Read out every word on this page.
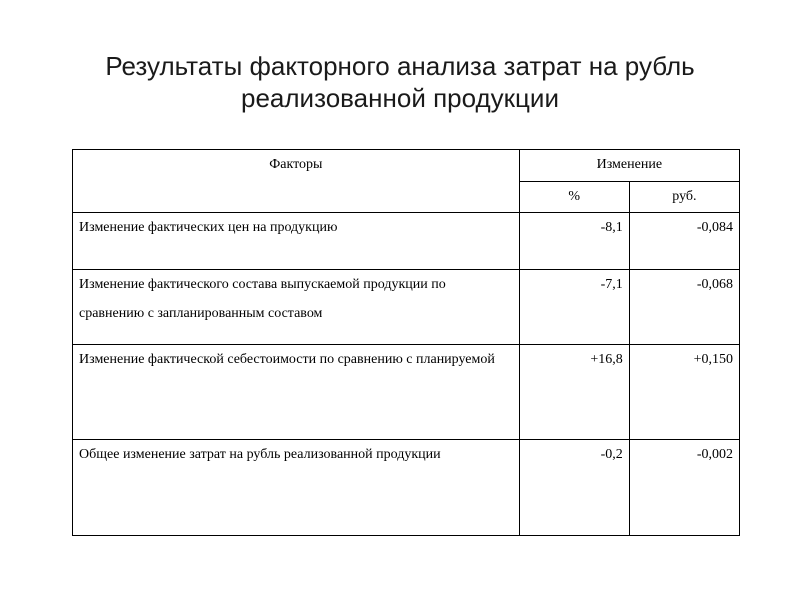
Результаты факторного анализа затрат на рубль
реализованной продукции
Факторы	Изменение	
	%	руб.
Изменение фактических цен на продукцию	-8,1	-0,084
Изменение фактического состава выпускаемой продукции по сравнению с запланированным составом	-7,1	-0,068
Изменение фактической себестоимости по сравнению с планируемой	+16,8	+0,150
Общее изменение затрат на рубль реализованной продукции	-0,2	-0,002
